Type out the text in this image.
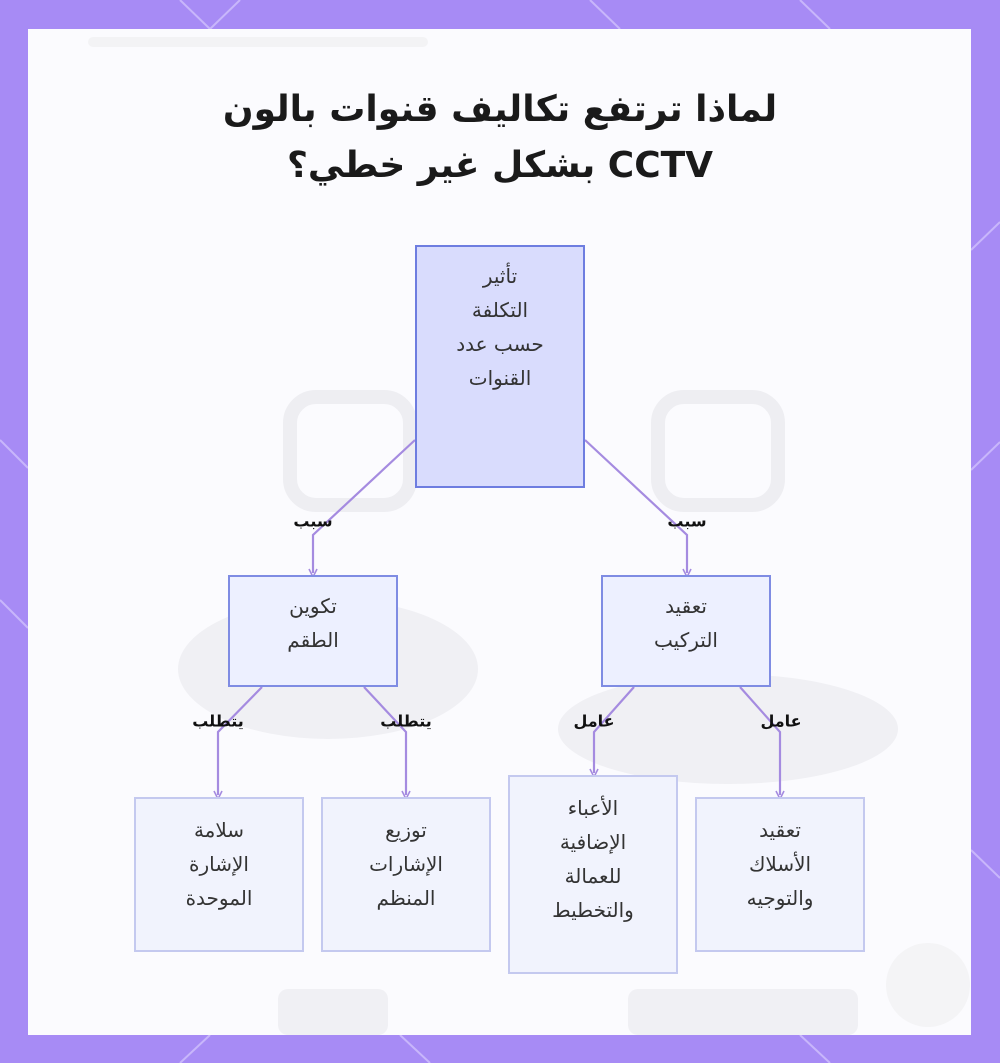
لماذا ترتفع تكاليف قنوات بالون
CCTV بشكل غير خطي؟
تأثير
التكلفة
حسب عدد
القنوات
تكوين
الطقم
تعقيد
التركيب
سلامة
الإشارة
الموحدة
توزيع
الإشارات
المنظم
الأعباء
الإضافية
للعمالة
والتخطيط
تعقيد
الأسلاك
والتوجيه
سبب	سبب
يتطلب	يتطلب	عامل	عامل
